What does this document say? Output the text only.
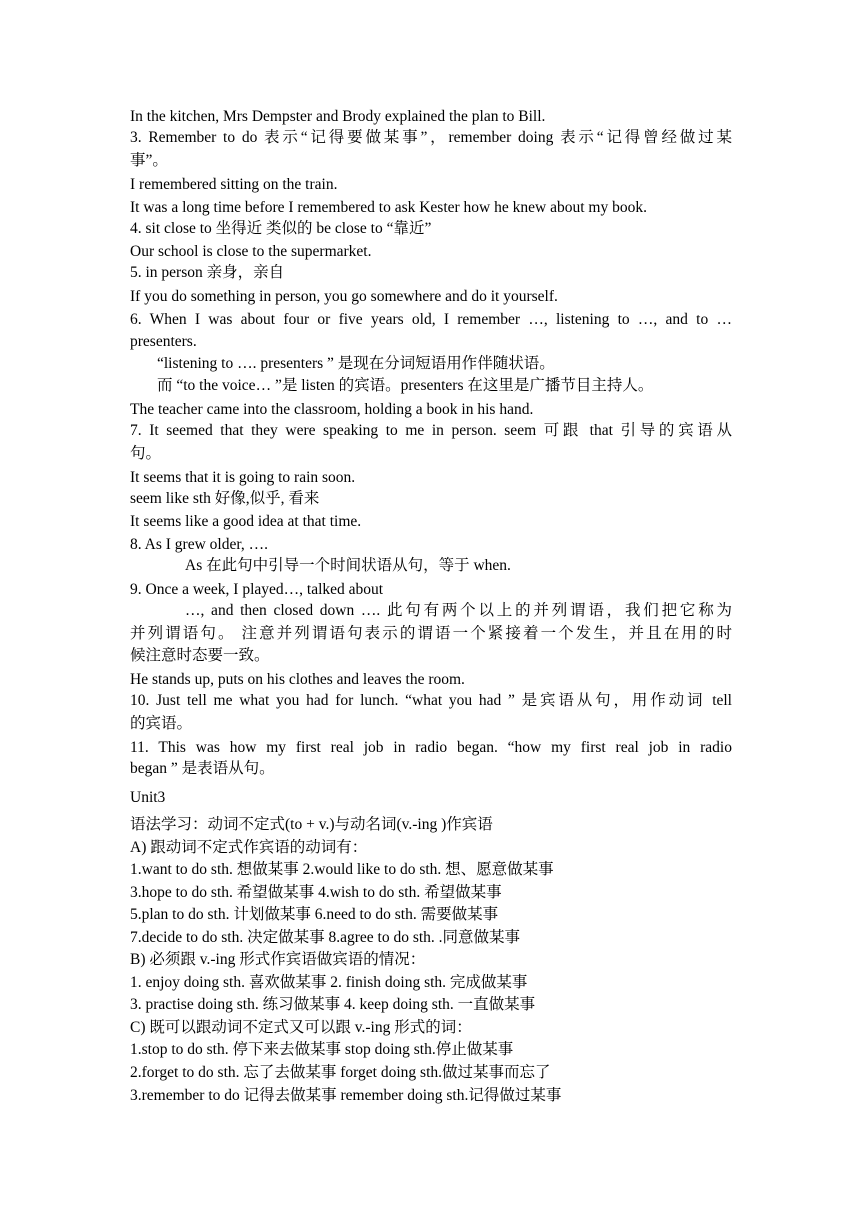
In the kitchen, Mrs Dempster and Brody explained the plan to Bill.
3. Remember to do 表示“记得要做某事”，remember doing 表示“记得曾经做过某
事”。
I remembered sitting on the train.
It was a long time before I remembered to ask Kester how he knew about my book.
4. sit close to 坐得近 类似的 be close to “靠近”
Our school is close to the supermarket.
5. in person 亲身，亲自
If you do something in person, you go somewhere and do it yourself.
6. When I was about four or five years old, I remember …, listening to …, and to …
presenters.
“listening to …. presenters ” 是现在分词短语用作伴随状语。
而 “to the voice… ”是 listen 的宾语。presenters 在这里是广播节目主持人。
The teacher came into the classroom, holding a book in his hand.
7. It seemed that they were speaking to me in person. seem 可跟 that 引导的宾语从
句。
It seems that it is going to rain soon.
seem like sth 好像,似乎, 看来
It seems like a good idea at that time.
8. As I grew older, ….
As 在此句中引导一个时间状语从句，等于 when.
9. Once a week, I played…, talked about
…, and then closed down …. 此句有两个以上的并列谓语，我们把它称为
并列谓语句。 注意并列谓语句表示的谓语一个紧接着一个发生，并且在用的时
候注意时态要一致。
He stands up, puts on his clothes and leaves the room.
10. Just tell me what you had for lunch. “what you had ” 是宾语从句，用作动词 tell
的宾语。
11. This was how my first real job in radio began. “how my first real job in radio
began ” 是表语从句。
Unit3
语法学习：动词不定式(to + v.)与动名词(v.-ing )作宾语
A) 跟动词不定式作宾语的动词有：
1.want to do sth. 想做某事 2.would like to do sth. 想、愿意做某事
3.hope to do sth. 希望做某事 4.wish to do sth. 希望做某事
5.plan to do sth. 计划做某事 6.need to do sth. 需要做某事
7.decide to do sth. 决定做某事 8.agree to do sth. .同意做某事
B) 必须跟 v.-ing 形式作宾语做宾语的情况：
1. enjoy doing sth. 喜欢做某事 2. finish doing sth. 完成做某事
3. practise doing sth. 练习做某事 4. keep doing sth. 一直做某事
C) 既可以跟动词不定式又可以跟 v.-ing 形式的词：
1.stop to do sth. 停下来去做某事 stop doing sth.停止做某事
2.forget to do sth. 忘了去做某事 forget doing sth.做过某事而忘了
3.remember to do 记得去做某事 remember doing sth.记得做过某事
